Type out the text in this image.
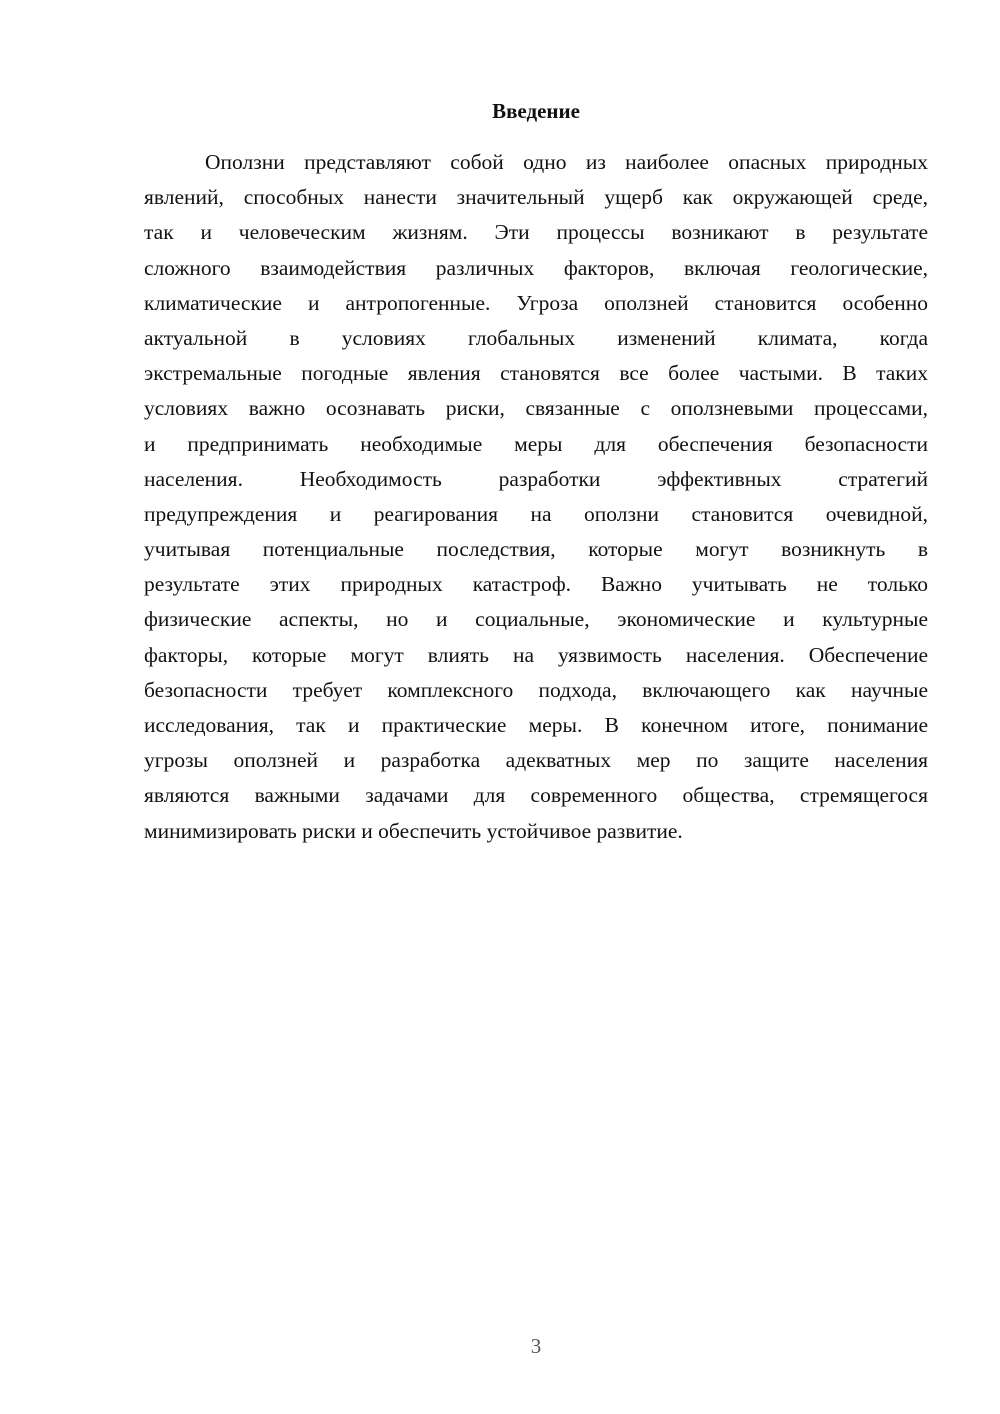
Введение
Оползни представляют собой одно из наиболее опасных природных
явлений, способных нанести значительный ущерб как окружающей среде,
так и человеческим жизням. Эти процессы возникают в результате
сложного взаимодействия различных факторов, включая геологические,
климатические и антропогенные. Угроза оползней становится особенно
актуальной в условиях глобальных изменений климата, когда
экстремальные погодные явления становятся все более частыми. В таких
условиях важно осознавать риски, связанные с оползневыми процессами,
и предпринимать необходимые меры для обеспечения безопасности
населения. Необходимость разработки эффективных стратегий
предупреждения и реагирования на оползни становится очевидной,
учитывая потенциальные последствия, которые могут возникнуть в
результате этих природных катастроф. Важно учитывать не только
физические аспекты, но и социальные, экономические и культурные
факторы, которые могут влиять на уязвимость населения. Обеспечение
безопасности требует комплексного подхода, включающего как научные
исследования, так и практические меры. В конечном итоге, понимание
угрозы оползней и разработка адекватных мер по защите населения
являются важными задачами для современного общества, стремящегося
минимизировать риски и обеспечить устойчивое развитие.
3
